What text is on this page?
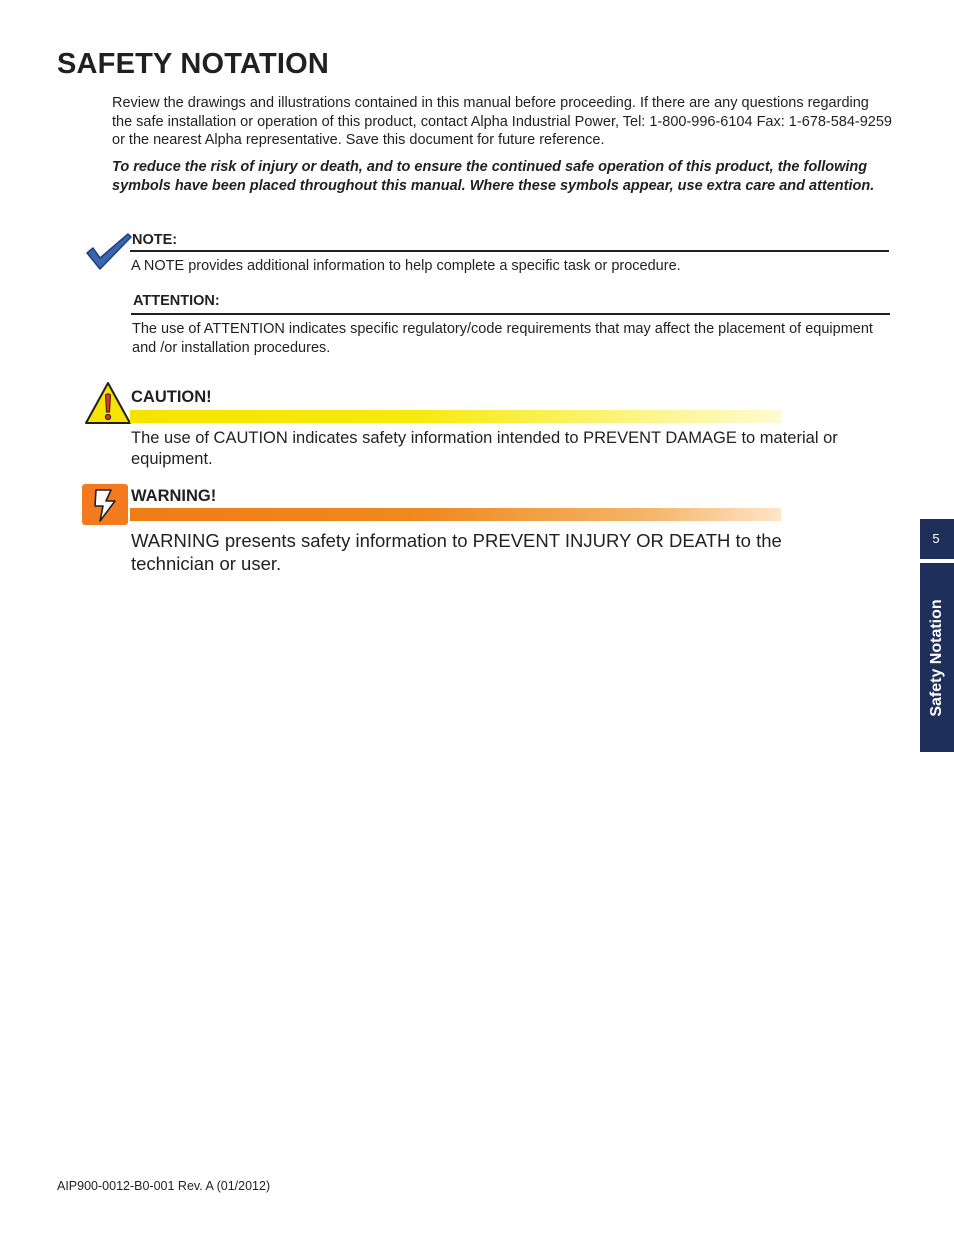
SAFETY NOTATION

Review the drawings and illustrations contained in this manual before proceeding. If there are any questions regarding the safe installation or operation of this product, contact Alpha Industrial Power, Tel: 1-800-996-6104 Fax: 1-678-584-9259 or the nearest Alpha representative. Save this document for future reference.

To reduce the risk of injury or death, and to ensure the continued safe operation of this product, the following symbols have been placed throughout this manual. Where these symbols appear, use extra care and attention.

NOTE:

A NOTE provides additional information to help complete a specific task or procedure.

ATTENTION:

The use of ATTENTION indicates specific regulatory/code requirements that may affect the placement of equipment and /or installation procedures.

CAUTION!

The use of CAUTION indicates safety information intended to PREVENT DAMAGE to material or equipment.

WARNING!

WARNING presents safety information to PREVENT INJURY OR DEATH to the technician or user.

5
Safety Notation
AIP900-0012-B0-001 Rev. A (01/2012)
